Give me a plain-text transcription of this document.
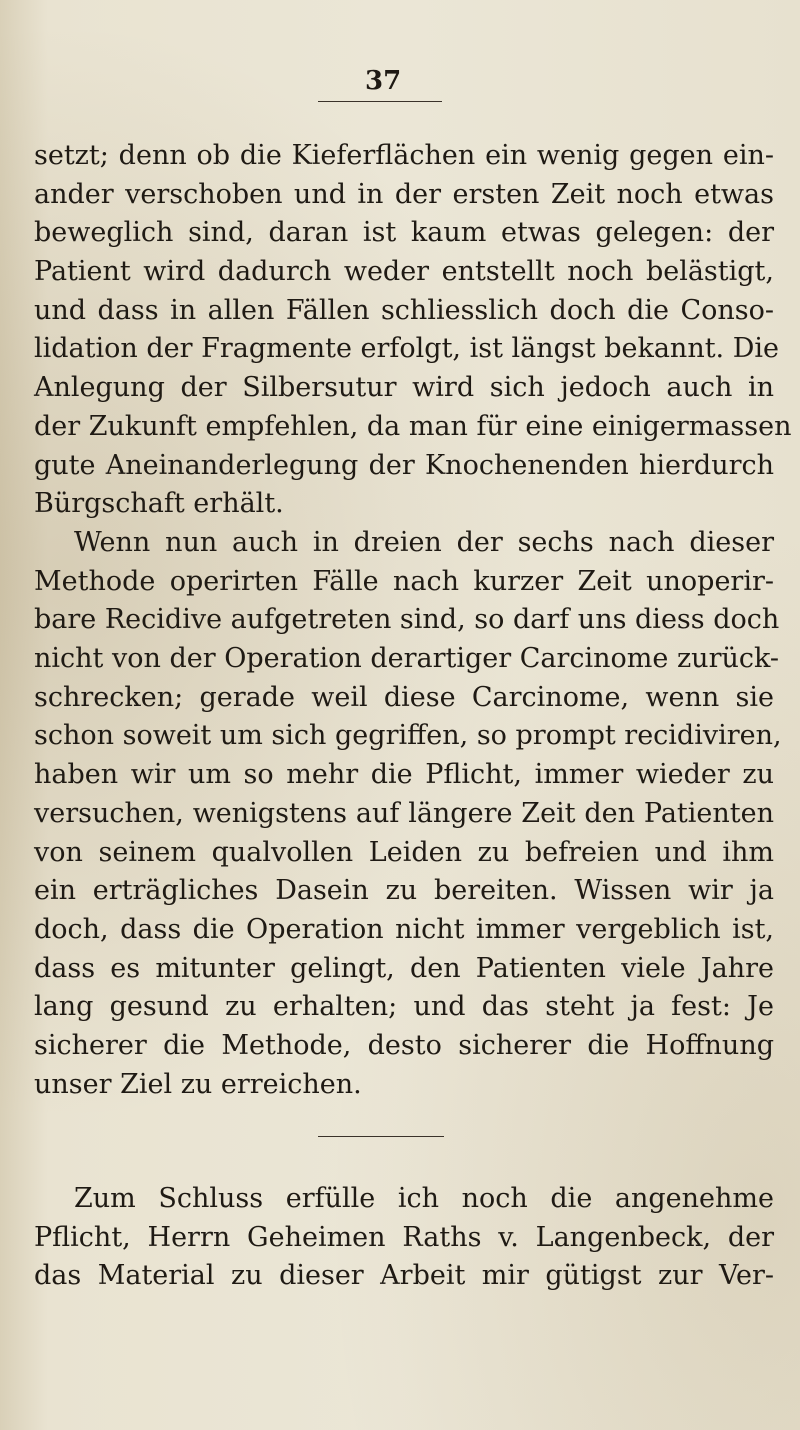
37
setzt; denn ob die Kieferflächen ein wenig gegen ein-
ander verschoben und in der ersten Zeit noch etwas
beweglich sind, daran ist kaum etwas gelegen: der
Patient wird dadurch weder entstellt noch belästigt,
und dass in allen Fällen schliesslich doch die Conso-
lidation der Fragmente erfolgt, ist längst bekannt. Die
Anlegung der Silbersutur wird sich jedoch auch in
der Zukunft empfehlen, da man für eine einigermassen
gute Aneinanderlegung der Knochenenden hierdurch
Bürgschaft erhält.
Wenn nun auch in dreien der sechs nach dieser
Methode operirten Fälle nach kurzer Zeit unoperir-
bare Recidive aufgetreten sind, so darf uns diess doch
nicht von der Operation derartiger Carcinome zurück-
schrecken; gerade weil diese Carcinome, wenn sie
schon soweit um sich gegriffen, so prompt recidiviren,
haben wir um so mehr die Pflicht, immer wieder zu
versuchen, wenigstens auf längere Zeit den Patienten
von seinem qualvollen Leiden zu befreien und ihm
ein erträgliches Dasein zu bereiten. Wissen wir ja
doch, dass die Operation nicht immer vergeblich ist,
dass es mitunter gelingt, den Patienten viele Jahre
lang gesund zu erhalten; und das steht ja fest: Je
sicherer die Methode, desto sicherer die Hoffnung
unser Ziel zu erreichen.
Zum Schluss erfülle ich noch die angenehme
Pflicht, Herrn Geheimen Raths v. Langenbeck, der
das Material zu dieser Arbeit mir gütigst zur Ver-
